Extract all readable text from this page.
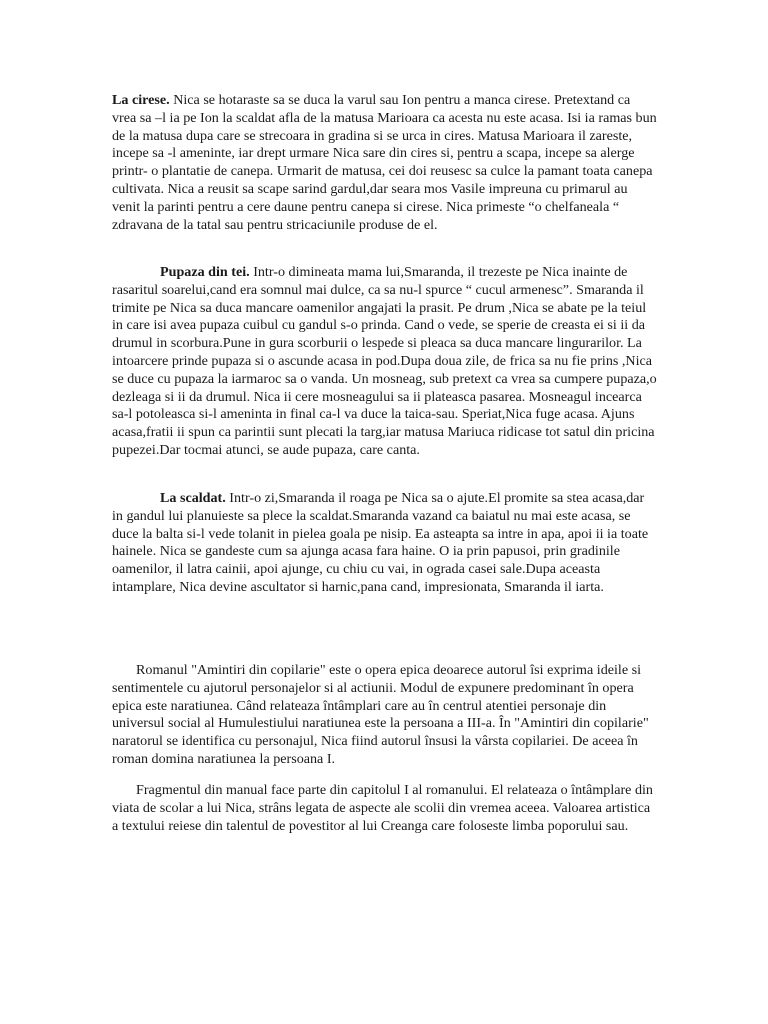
La cirese. Nica se hotaraste sa se duca la varul sau Ion pentru a manca cirese. Pretextand ca vrea sa –l ia pe Ion la scaldat afla de la matusa Marioara ca acesta nu este acasa. Isi ia ramas bun de la matusa dupa care se strecoara in gradina si se urca in cires. Matusa Marioara il zareste, incepe sa -l amenintе, iar drept urmare Nica sare din cires si, pentru a scapa, incepe sa alerge printr- o plantatie de canepa. Urmarit de matusa, cei doi reusesc sa culce la pamant toata canepa cultivata. Nica a reusit sa scape sarind gardul,dar seara mos Vasile impreuna cu primarul au venit la parinti pentru a cere daune pentru canepa si cirese. Nica primeste “o chelfaneala “ zdravana de la tatal sau pentru stricaciunile produse de el.

Pupaza din tei. Intr-o dimineata mama lui,Smaranda, il trezeste pe Nica inainte de rasaritul soarelui,cand era somnul mai dulce, ca sa nu-l spurce “ cucul armenesc”. Smaranda il trimite pe Nica sa duca mancare oamenilor angajati la prasit. Pe drum ,Nica se abate pe la teiul in care isi avea pupaza cuibul cu gandul s-o prinda. Cand o vede, se sperie de creasta ei si ii da drumul in scorbura.Pune in gura scorburii o lespede si pleaca sa duca mancare lingurarilor. La intoarcere prinde pupaza si o ascunde acasa in pod.Dupa doua zile, de frica sa nu fie prins ,Nica se duce cu pupaza la iarmaroc sa o vanda. Un mosneag, sub pretext ca vrea sa cumpere pupaza,o dezleaga si ii da drumul. Nica ii cere mosneagului sa ii plateasca pasarea. Mosneagul incearca sa-l potoleasca si-l ameninta in final ca-l va duce la taica-sau. Speriat,Nica fuge acasa. Ajuns acasa,fratii ii spun ca parintii sunt plecati la targ,iar matusa Mariuca ridicase tot satul din pricina pupezei.Dar tocmai atunci, se aude pupaza, care canta.

La scaldat. Intr-o zi,Smaranda il roaga pe Nica sa o ajute.El promite sa stea acasa,dar in gandul lui planuieste sa plece la scaldat.Smaranda vazand ca baiatul nu mai este acasa, se duce la balta si-l vede tolanit in pielea goala pe nisip. Ea asteapta sa intre in apa, apoi ii ia toate hainele. Nica se gandeste cum sa ajunga acasa fara haine. O ia prin papusoi, prin gradinile oamenilor, il latra cainii, apoi ajunge, cu chiu cu vai, in ograda casei sale.Dupa aceasta intamplare, Nica devine ascultator si harnic,pana cand, impresionata, Smaranda il iarta.

Romanul "Amintiri din copilarie" este o opera epica deoarece autorul îsi exprima ideile si sentimentele cu ajutorul personajelor si al actiunii. Modul de expunere predominant în opera epica este naratiunea. Când relateaza întâmplari care au în centrul atentiei personaje din universul social al Humulestiului naratiunea este la persoana a III-a. În "Amintiri din copilarie" naratorul se identifica cu personajul, Nica fiind autorul însusi la vârsta copilariei. De aceea în roman domina naratiunea la persoana I.

Fragmentul din manual face parte din capitolul I al romanului. El relateaza o întâmplare din viata de scolar a lui Nica, strâns legata de aspecte ale scolii din vremea aceea. Valoarea artistica a textului reiese din talentul de povestitor al lui Creanga care foloseste limba poporului sau.
